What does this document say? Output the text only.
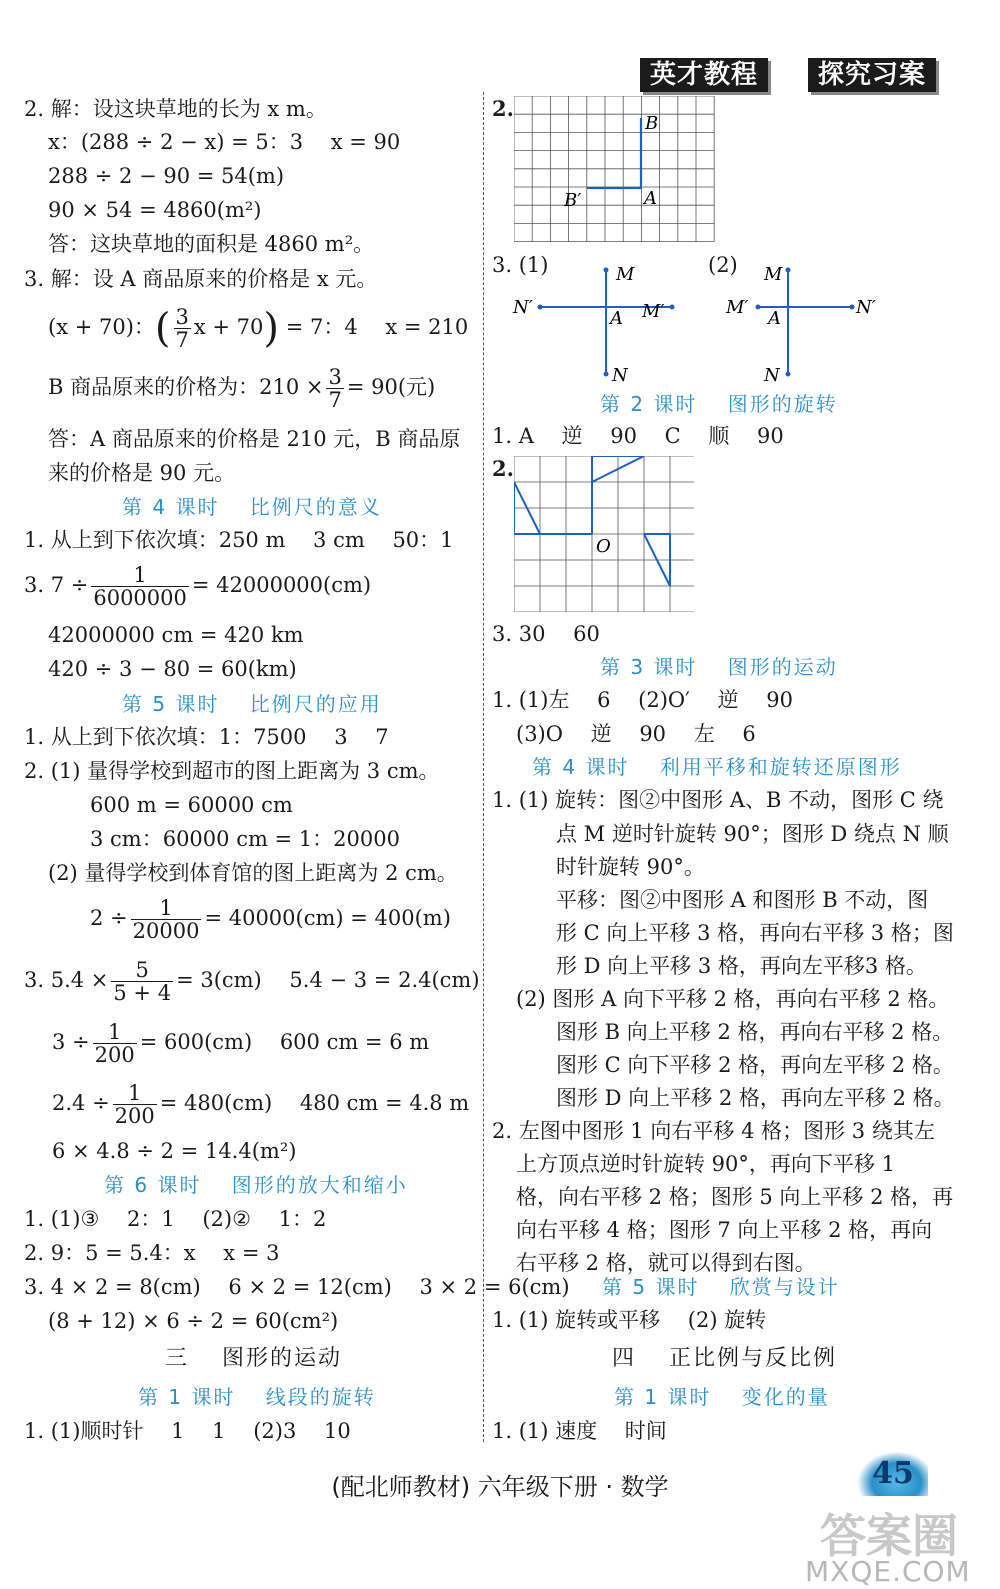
英才教程	探究习案
2. 解：设这块草地的长为 x m。
x：(288 ÷ 2 − x) = 5：3　 x = 90
288 ÷ 2 − 90 = 54(m)
90 × 54 = 4860(m²)
答：这块草地的面积是 4860 m²。
3. 解：设 A 商品原来的价格是 x 元。
(x + 70)：( $\frac{3}{7}$ x + 70) = 7：4　 x = 210
B 商品原来的价格为：$210 \times \frac{3}{7} = 90$(元)
答：A 商品原来的价格是 210 元，B 商品原
来的价格是 90 元。
第 4 课时　 比例尺的意义
1. 从上到下依次填：250 m　 3 cm　 50：1
3. $7 \div \frac{1}{6000000} = 42000000(cm)$
42000000 cm = 420 km
420 ÷ 3 − 80 = 60(km)
第 5 课时　 比例尺的应用
1. 从上到下依次填：1：7500　 3　 7
2. (1) 量得学校到超市的图上距离为 3 cm。
600 m = 60000 cm
3 cm：60000 cm = 1：20000
(2) 量得学校到体育馆的图上距离为 2 cm。
$2 \div \frac{1}{20000} = 40000(cm) = 400(m)$
3. $5.4 \times \frac{5}{5 + 4} = 3(cm)$　 5.4 − 3 = 2.4(cm)
$3 \div \frac{1}{200} = 600(cm)$　 600 cm = 6 m
$2.4 \div \frac{1}{200} = 480(cm)$　 480 cm = 4.8 m
6 × 4.8 ÷ 2 = 14.4(m²)
第 6 课时　 图形的放大和缩小
1. (1)③　 2：1　 (2)②　 1：2
2. 9：5 = 5.4：x　 x = 3
3. 4 × 2 = 8(cm)　 6 × 2 = 12(cm)　 3 × 2 = 6(cm)
(8 + 12) × 6 ÷ 2 = 60(cm²)
三　 图形的运动
第 1 课时　 线段的旋转
1. (1)顺时针　 1　 1　 (2)3　 10
2.
B
B′	A
3. (1)	(2)
M
N
N′	M′
A
M
N
M′	N′
A
第 2 课时　 图形的旋转
1. A　 逆　 90　 C　 顺　 90
2.
O
3. 30　 60
第 3 课时　 图形的运动
1. (1)左　 6　 (2)O′　 逆　 90
(3)O　 逆　 90　 左　 6
第 4 课时　 利用平移和旋转还原图形
1. (1) 旋转：图②中图形 A、B 不动，图形 C 绕
点 M 逆时针旋转 90°；图形 D 绕点 N 顺
时针旋转 90°。
平移：图②中图形 A 和图形 B 不动，图
形 C 向上平移 3 格，再向右平移 3 格；图
形 D 向上平移 3 格，再向左平移3 格。
(2) 图形 A 向下平移 2 格，再向右平移 2 格。
图形 B 向上平移 2 格，再向右平移 2 格。
图形 C 向下平移 2 格，再向左平移 2 格。
图形 D 向上平移 2 格，再向左平移 2 格。
2. 左图中图形 1 向右平移 4 格；图形 3 绕其左
上方顶点逆时针旋转 90°，再向下平移 1
格，向右平移 2 格；图形 5 向上平移 2 格，再
向右平移 4 格；图形 7 向上平移 2 格，再向
右平移 2 格，就可以得到右图。
第 5 课时　 欣赏与设计
1. (1) 旋转或平移　 (2) 旋转
四　 正比例与反比例
第 1 课时　 变化的量
1. (1) 速度　 时间
(配北师教材) 六年级下册 · 数学	45
答案圈
MXQE.COM
